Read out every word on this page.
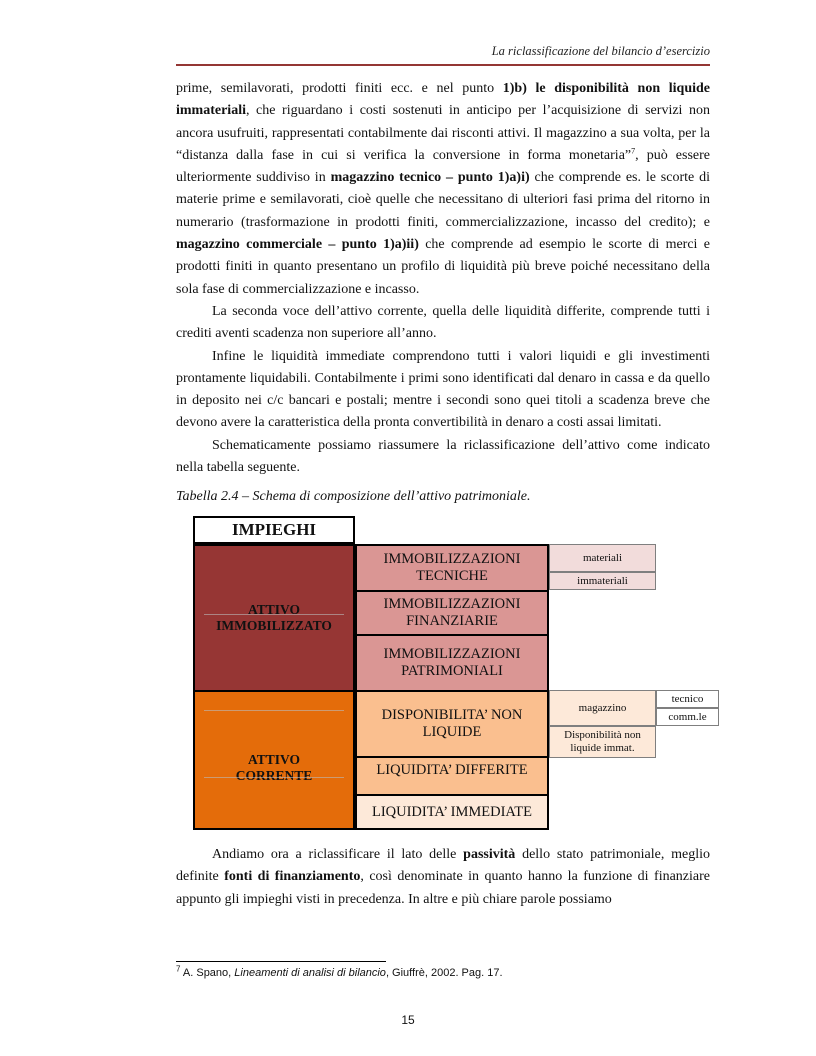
La riclassificazione del bilancio d’esercizio

prime, semilavorati, prodotti finiti ecc. e nel punto 1)b) le disponibilità non liquide immateriali, che riguardano i costi sostenuti in anticipo per l’acquisizione di servizi non ancora usufruiti, rappresentati contabilmente dai risconti attivi. Il magazzino a sua volta, per la “distanza dalla fase in cui si verifica la conversione in forma monetaria”$^7$, può essere ulteriormente suddiviso in magazzino tecnico – punto 1)a)i) che comprende es. le scorte di materie prime e semilavorati, cioè quelle che necessitano di ulteriori fasi prima del ritorno in numerario (trasformazione in prodotti finiti, commercializzazione, incasso del credito); e magazzino commerciale – punto 1)a)ii) che comprende ad esempio le scorte di merci e prodotti finiti in quanto presentano un profilo di liquidità più breve poiché necessitano della sola fase di commercializzazione e incasso.

La seconda voce dell’attivo corrente, quella delle liquidità differite, comprende tutti i crediti aventi scadenza non superiore all’anno.

Infine le liquidità immediate comprendono tutti i valori liquidi e gli investimenti prontamente liquidabili. Contabilmente i primi sono identificati dal denaro in cassa e da quello in deposito nei c/c bancari e postali; mentre i secondi sono quei titoli a scadenza breve che devono avere la caratteristica della pronta convertibilità in denaro a costi assai limitati.

Schematicamente possiamo riassumere la riclassificazione dell’attivo come indicato nella tabella seguente.

Tabella 2.4 – Schema di composizione dell’attivo patrimoniale.
IMPIEGHI
ATTIVO
IMMOBILIZZATO
ATTIVO
CORRENTE
IMMOBILIZZAZIONI
TECNICHE
IMMOBILIZZAZIONI
FINANZIARIE
IMMOBILIZZAZIONI
PATRIMONIALI
materiali
immateriali
DISPONIBILITA’ NON
LIQUIDE
LIQUIDITA’ DIFFERITE
LIQUIDITA’ IMMEDIATE
magazzino
Disponibilità non
liquide immat.
tecnico
comm.le

Andiamo ora a riclassificare il lato delle passività dello stato patrimoniale, meglio definite fonti di finanziamento, così denominate in quanto hanno la funzione di finanziare appunto gli impieghi visti in precedenza. In altre e più chiare parole possiamo

$^7$ A. Spano, Lineamenti di analisi di bilancio, Giuffrè, 2002. Pag. 17.
15
